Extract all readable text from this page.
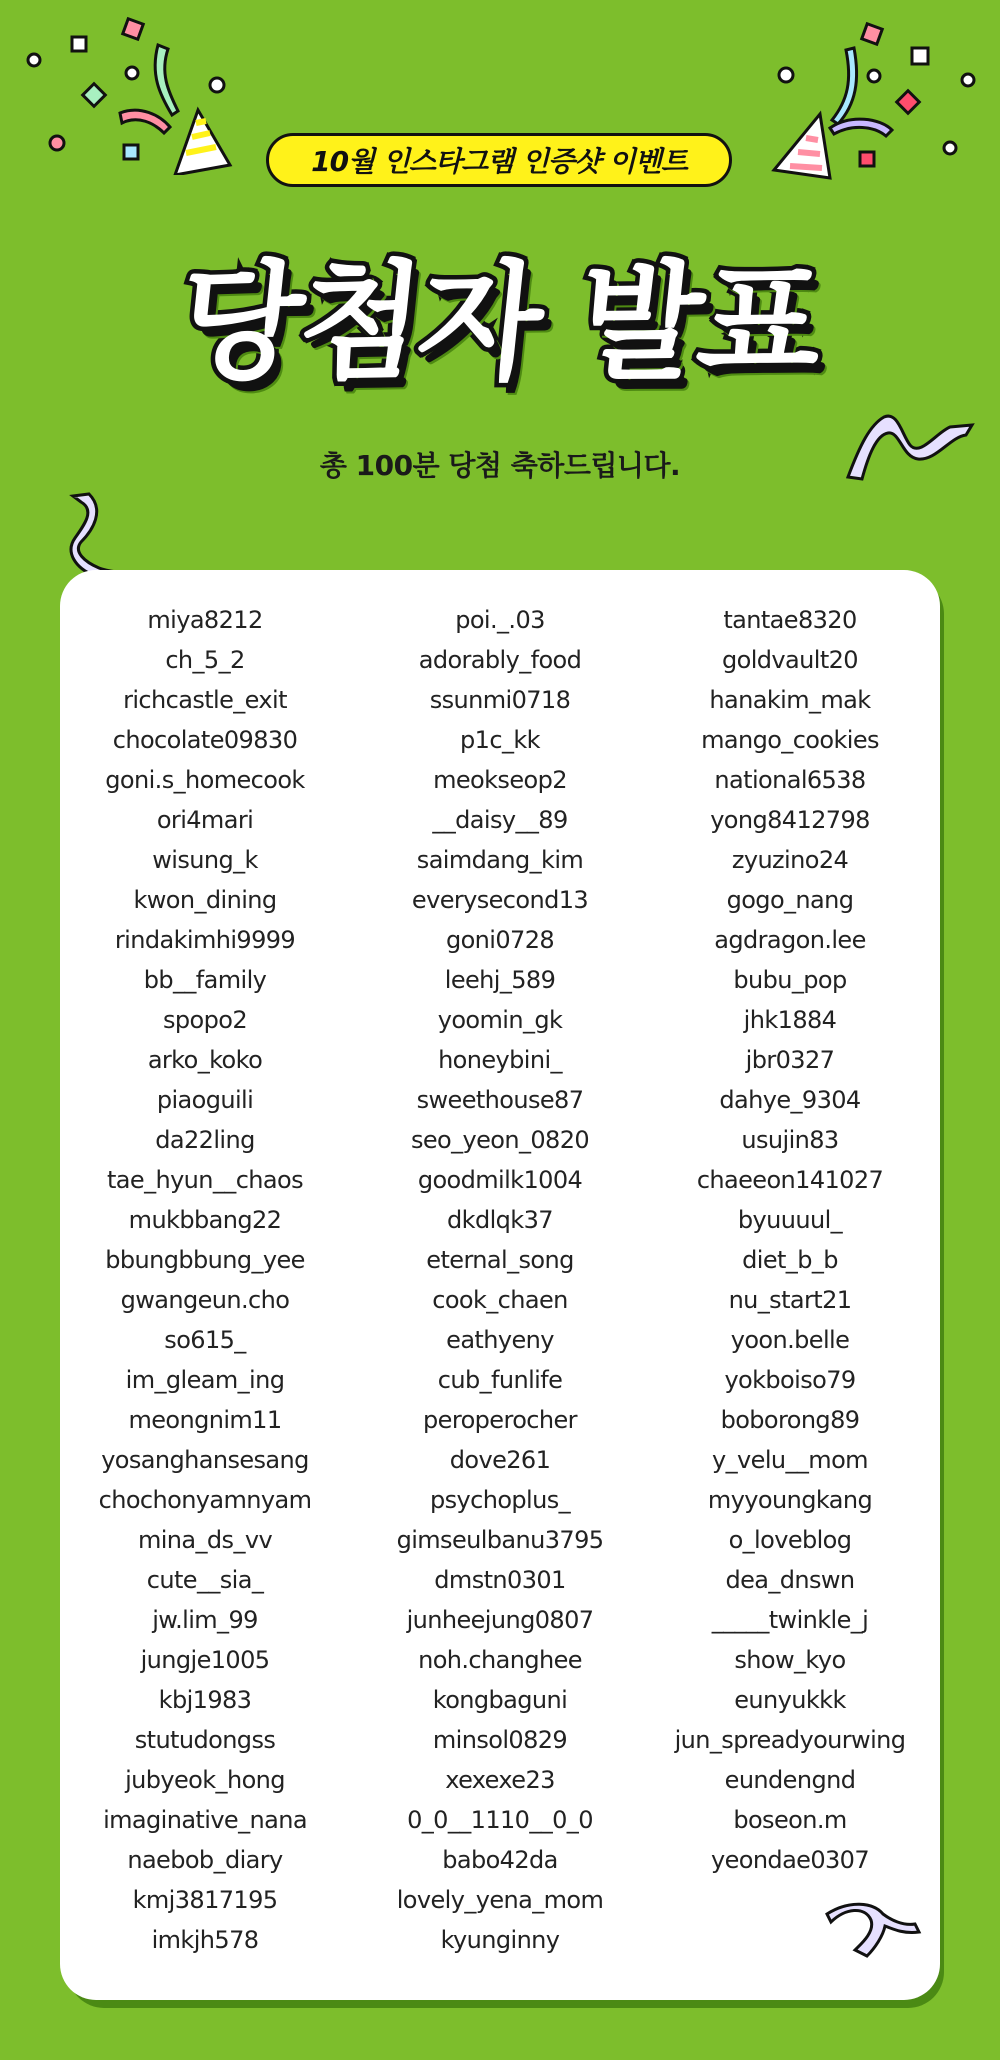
10월 인스타그램 인증샷 이벤트
당첨자 발표
총 100분 당첨 축하드립니다.
miya8212
ch_5_2
richcastle_exit
chocolate09830
goni.s_homecook
ori4mari
wisung_k
kwon_dining
rindakimhi9999
bb__family
spopo2
arko_koko
piaoguili
da22ling
tae_hyun__chaos
mukbbang22
bbungbbung_yee
gwangeun.cho
so615_
im_gleam_ing
meongnim11
yosanghansesang
chochonyamnyam
mina_ds_vv
cute__sia_
jw.lim_99
jungje1005
kbj1983
stutudongss
jubyeok_hong
imaginative_nana
naebob_diary
kmj3817195
imkjh578
poi._.03
adorably_food
ssunmi0718
p1c_kk
meokseop2
__daisy__89
saimdang_kim
everysecond13
goni0728
leehj_589
yoomin_gk
honeybini_
sweethouse87
seo_yeon_0820
goodmilk1004
dkdlqk37
eternal_song
cook_chaen
eathyeny
cub_funlife
peroperocher
dove261
psychoplus_
gimseulbanu3795
dmstn0301
junheejung0807
noh.changhee
kongbaguni
minsol0829
xexexe23
0_0__1110__0_0
babo42da
lovely_yena_mom
kyunginny
tantae8320
goldvault20
hanakim_mak
mango_cookies
national6538
yong8412798
zyuzino24
gogo_nang
agdragon.lee
bubu_pop
jhk1884
jbr0327
dahye_9304
usujin83
chaeeon141027
byuuuul_
diet_b_b
nu_start21
yoon.belle
yokboiso79
boborong89
y_velu__mom
myyoungkang
o_loveblog
dea_dnswn
_____twinkle_j
show_kyo
eunyukkk
jun_spreadyourwing
eundengnd
boseon.m
yeondae0307
